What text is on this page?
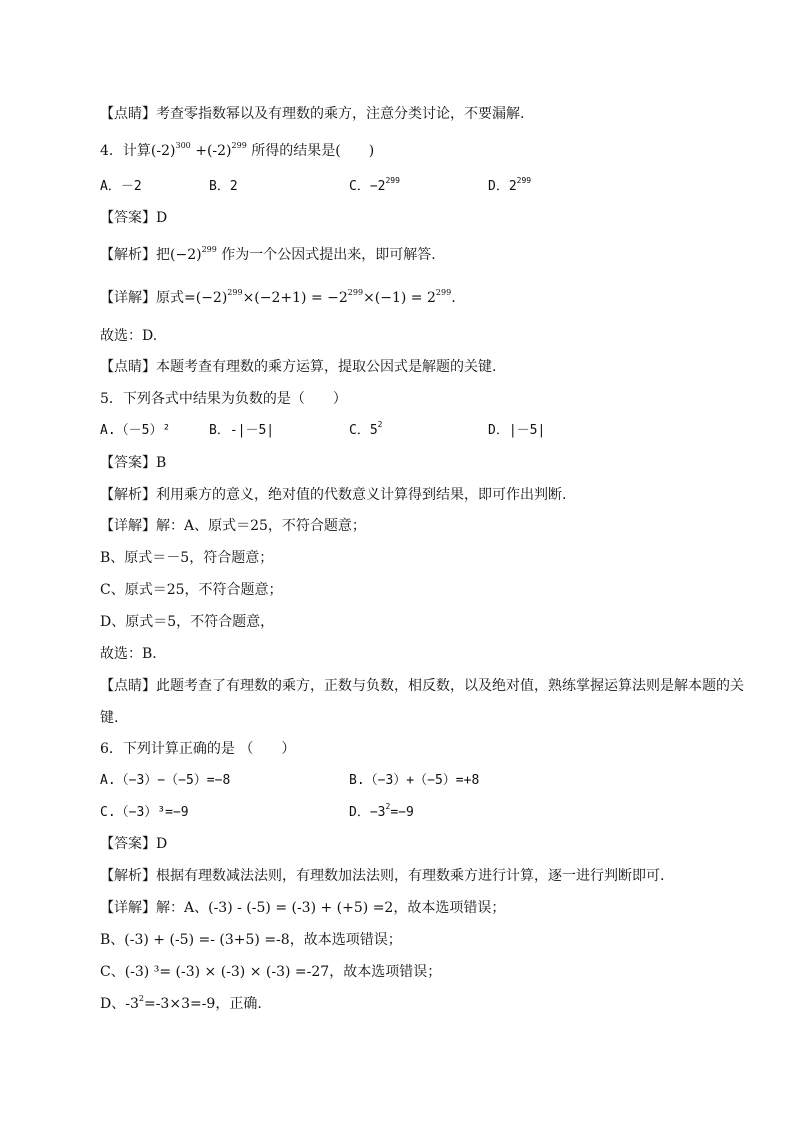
【点睛】考查零指数幂以及有理数的乘方，注意分类讨论，不要漏解.
4．计算$(-2)^{300} +(-2)^{299}$ 所得的结果是(　　)
A．－2	B．2	C．$-2^{299}$	D．$2^{299}$
【答案】D
【解析】把$(-2)^{299}$ 作为一个公因式提出来，即可解答.
【详解】原式$=(-2)^{299}\times(-2+1) = -2^{299}\times(-1) = 2^{299}$.
故选：D.
【点睛】本题考查有理数的乘方运算，提取公因式是解题的关键.
5．下列各式中结果为负数的是（　　）
A.（－5）²	B．-|－5|	C．$5^2$	D．|－5|
【答案】B
【解析】利用乘方的意义，绝对值的代数意义计算得到结果，即可作出判断.
【详解】解：A、原式＝25，不符合题意；
B、原式＝－5，符合题意；
C、原式＝25，不符合题意；
D、原式＝5，不符合题意，
故选：B.
【点睛】此题考查了有理数的乘方，正数与负数，相反数，以及绝对值，熟练掌握运算法则是解本题的关
键.
6．下列计算正确的是 （　　）
A.（−3）−（−5）=−8	B.（−3）+（−5）=+8
C.（−3）³=−9	D．$-3^2=-9$
【答案】D
【解析】根据有理数减法法则，有理数加法法则，有理数乘方进行计算，逐一进行判断即可.
【详解】解：A、(-3) - (-5) = (-3) + (+5) =2，故本选项错误；
B、(-3) + (-5) =- (3+5) =-8，故本选项错误；
C、(-3) ³= (-3) × (-3) × (-3) =-27，故本选项错误；
D、$-3^2=-3\times 3=-9$，正确.
